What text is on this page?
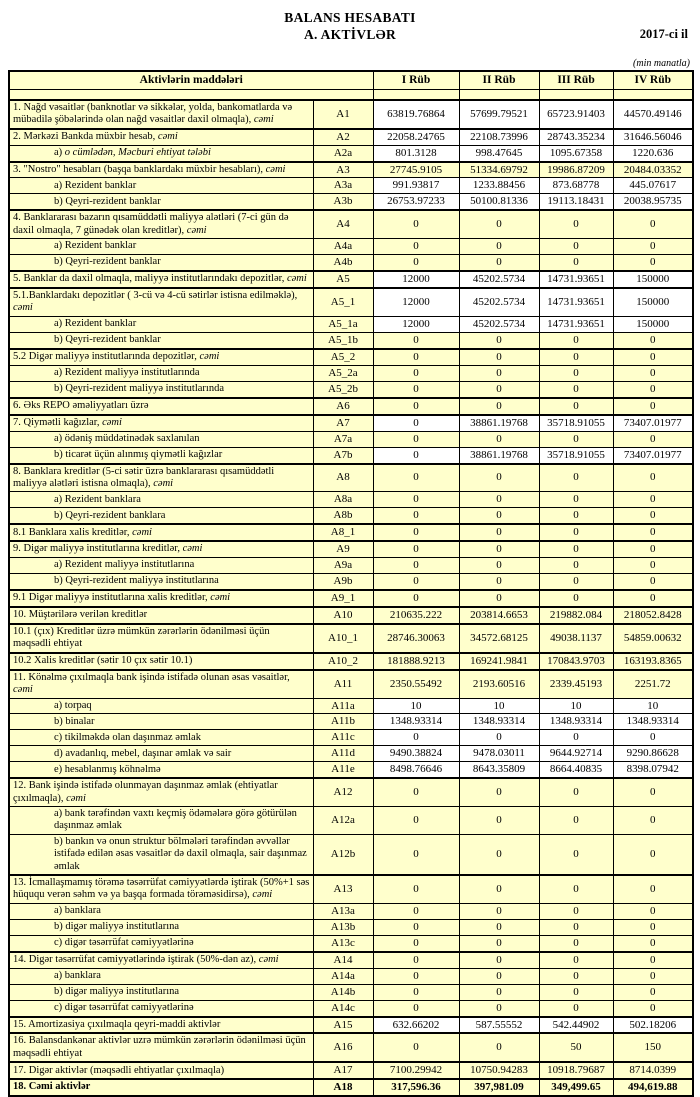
BALANS HESABATI
A. AKTİVLƏR	2017-ci il
(min manatla)
Aktivlərin maddələri		I Rüb	II Rüb	III Rüb	IV Rüb

1. Nağd vəsaitlər (banknotlar və sikkələr, yolda, bankomatlarda və mübadilə şöbələrində olan nağd vəsaitlər daxil olmaqla), cəmi	A1	63819.76864	57699.79521	65723.91403	44570.49146
2. Mərkəzi Bankda müxbir hesab, cəmi	A2	22058.24765	22108.73996	28743.35234	31646.56046
a) o cümlədən, Məcburi ehtiyat tələbi	A2a	801.3128	998.47645	1095.67358	1220.636
3. "Nostro" hesabları (başqa banklardakı müxbir hesabları), cəmi	A3	27745.9105	51334.69792	19986.87209	20484.03352
a) Rezident banklar	A3a	991.93817	1233.88456	873.68778	445.07617
b) Qeyri-rezident banklar	A3b	26753.97233	50100.81336	19113.18431	20038.95735
4. Banklararası bazarın qısamüddətli maliyyə alətləri (7-ci gün də daxil olmaqla, 7 günədək olan kreditlər), cəmi	A4	0	0	0	0
a) Rezident banklar	A4a	0	0	0	0
b) Qeyri-rezident banklar	A4b	0	0	0	0
5. Banklar da daxil olmaqla, maliyyə institutlarındakı depozitlər, cəmi	A5	12000	45202.5734	14731.93651	150000
5.1.Banklardakı depozitlər ( 3-cü və 4-cü sətirlər istisna edilməklə), cəmi	A5_1	12000	45202.5734	14731.93651	150000
a) Rezident banklar	A5_1a	12000	45202.5734	14731.93651	150000
b) Qeyri-rezident banklar	A5_1b	0	0	0	0
5.2 Digər maliyyə institutlarında depozitlər, cəmi	A5_2	0	0	0	0
a) Rezident maliyyə institutlarında	A5_2a	0	0	0	0
b) Qeyri-rezident maliyyə institutlarında	A5_2b	0	0	0	0
6. Əks REPO əməliyyatları üzrə	A6	0	0	0	0
7. Qiymətli kağızlar, cəmi	A7	0	38861.19768	35718.91055	73407.01977
a) ödəniş müddətinədək saxlanılan	A7a	0	0	0	0
b) ticarət üçün alınmış qiymətli kağızlar	A7b	0	38861.19768	35718.91055	73407.01977
8. Banklara kreditlər (5-ci sətir üzrə banklararası qısamüddətli maliyyə alətləri istisna olmaqla), cəmi	A8	0	0	0	0
a) Rezident banklara	A8a	0	0	0	0
b) Qeyri-rezident banklara	A8b	0	0	0	0
8.1 Banklara xalis kreditlər, cəmi	A8_1	0	0	0	0
9. Digər maliyyə institutlarına kreditlər, cəmi	A9	0	0	0	0
a) Rezident maliyyə institutlarına	A9a	0	0	0	0
b) Qeyri-rezident maliyyə institutlarına	A9b	0	0	0	0
9.1 Digər maliyyə institutlarına xalis kreditlər, cəmi	A9_1	0	0	0	0
10. Müştərilərə verilən kreditlər	A10	210635.222	203814.6653	219882.084	218052.8428
10.1 (çıx) Kreditlər üzrə mümkün zərərlərin ödənilməsi üçün məqsədli ehtiyat	A10_1	28746.30063	34572.68125	49038.1137	54859.00632
10.2 Xalis kreditlər (sətir 10 çıx sətir 10.1)	A10_2	181888.9213	169241.9841	170843.9703	163193.8365
11. Könəlmə çıxılmaqla bank işində istifadə olunan əsas vəsaitlər, cəmi	A11	2350.55492	2193.60516	2339.45193	2251.72
a) torpaq	A11a	10	10	10	10
b) binalar	A11b	1348.93314	1348.93314	1348.93314	1348.93314
c) tikilməkdə olan daşınmaz əmlak	A11c	0	0	0	0
d) avadanlıq, mebel, daşınar əmlak və sair	A11d	9490.38824	9478.03011	9644.92714	9290.86628
e) hesablanmış köhnəlmə	A11e	8498.76646	8643.35809	8664.40835	8398.07942
12. Bank işində istifadə olunmayan daşınmaz əmlak (ehtiyatlar çıxılmaqla), cəmi	A12	0	0	0	0
a) bank tərəfindən vaxtı keçmiş ödəmələrə görə götürülən daşınmaz əmlak	A12a	0	0	0	0
b) bankın və onun struktur bölmələri tərəfindən əvvəllər istifadə edilən əsas vəsaitlər də daxil olmaqla, sair daşınmaz əmlak	A12b	0	0	0	0
13. İcmallaşmamış törəmə təsərrüfat cəmiyyətlərdə iştirak (50%+1 səs hüququ verən səhm və ya başqa formada törəməsidirsə), cəmi	A13	0	0	0	0
a) banklara	A13a	0	0	0	0
b) digər maliyyə institutlarına	A13b	0	0	0	0
c) digər təsərrüfat cəmiyyətlərinə	A13c	0	0	0	0
14. Digər təsərrüfat cəmiyyətlərində iştirak (50%-dən az), cəmi	A14	0	0	0	0
a) banklara	A14a	0	0	0	0
b) digər maliyyə institutlarına	A14b	0	0	0	0
c) digər təsərrüfat cəmiyyətlərinə	A14c	0	0	0	0
15. Amortizasiya çıxılmaqla qeyri-maddi aktivlər	A15	632.66202	587.55552	542.44902	502.18206
16. Balansdankənar aktivlər uzrə mümkün zərərlərin ödənilməsi üçün məqsədli ehtiyat	A16	0	0	50	150
17. Digər aktivlər (məqsədli ehtiyatlar çıxılmaqla)	A17	7100.29942	10750.94283	10918.79687	8714.0399
18. Cəmi aktivlər	A18	317,596.36	397,981.09	349,499.65	494,619.88
